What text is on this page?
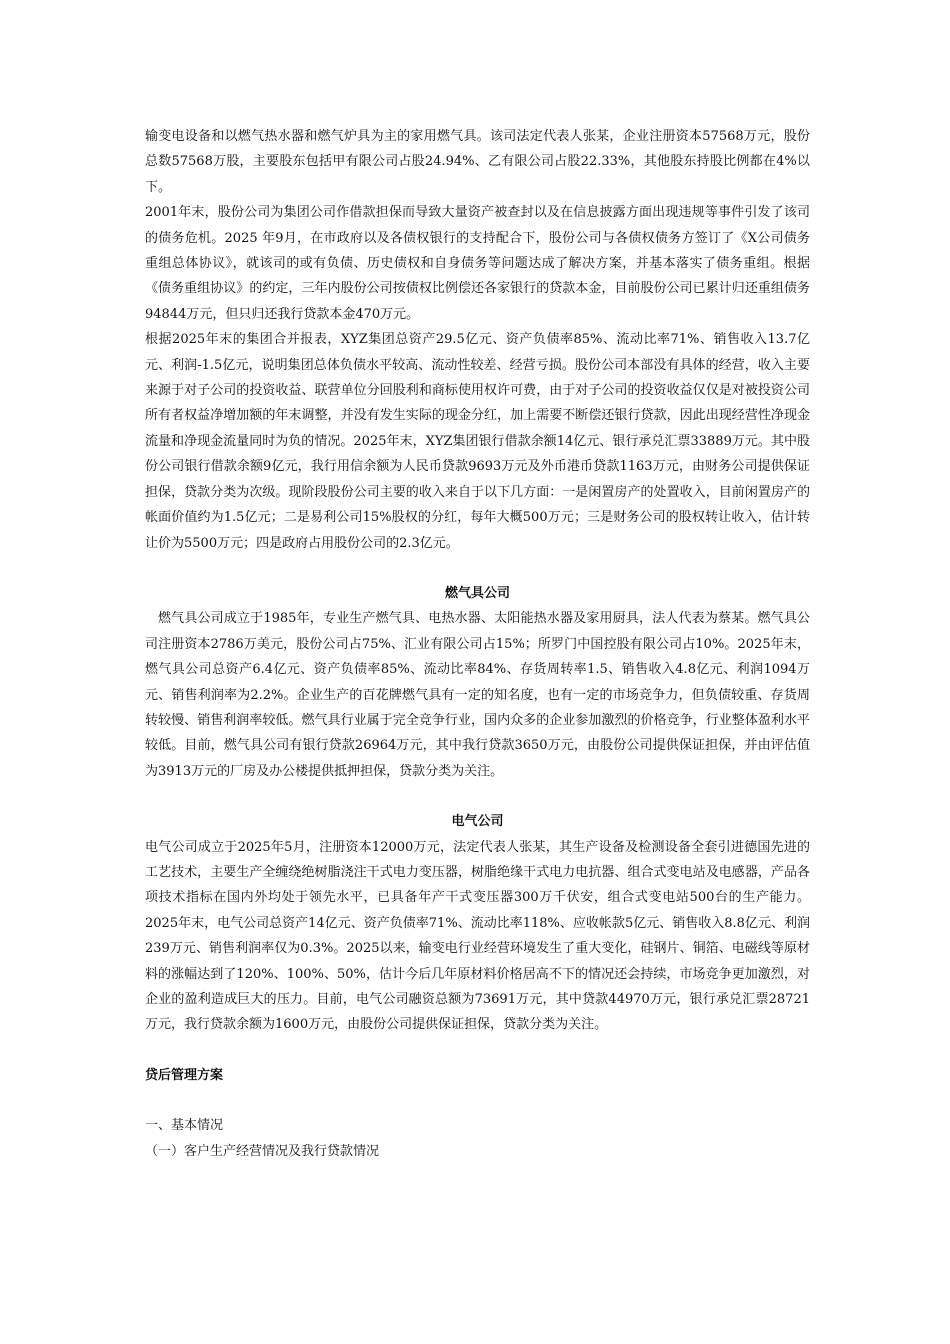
输变电设备和以燃气热水器和燃气炉具为主的家用燃气具。该司法定代表人张某，企业注册资本57568万元，股份总数57568万股，主要股东包括甲有限公司占股24.94%、乙有限公司占股22.33%，其他股东持股比例都在4%以下。

2001年末，股份公司为集团公司作借款担保而导致大量资产被查封以及在信息披露方面出现违规等事件引发了该司的债务危机。2025 年9月，在市政府以及各债权银行的支持配合下，股份公司与各债权债务方签订了《X公司债务重组总体协议》，就该司的或有负债、历史债权和自身债务等问题达成了解决方案，并基本落实了债务重组。根据《债务重组协议》的约定，三年内股份公司按债权比例偿还各家银行的贷款本金，目前股份公司已累计归还重组债务94844万元，但只归还我行贷款本金470万元。

根据2025年末的集团合并报表，XYZ集团总资产29.5亿元、资产负债率85%、流动比率71%、销售收入13.7亿元、利润-1.5亿元，说明集团总体负债水平较高、流动性较差、经营亏损。股份公司本部没有具体的经营，收入主要来源于对子公司的投资收益、联营单位分回股利和商标使用权许可费，由于对子公司的投资收益仅仅是对被投资公司所有者权益净增加额的年末调整，并没有发生实际的现金分红，加上需要不断偿还银行贷款，因此出现经营性净现金流量和净现金流量同时为负的情况。2025年末，XYZ集团银行借款余额14亿元、银行承兑汇票33889万元。其中股份公司银行借款余额9亿元，我行用信余额为人民币贷款9693万元及外币港币贷款1163万元，由财务公司提供保证担保，贷款分类为次级。现阶段股份公司主要的收入来自于以下几方面：一是闲置房产的处置收入，目前闲置房产的帐面价值约为1.5亿元；二是易利公司15%股权的分红，每年大概500万元；三是财务公司的股权转让收入，估计转让价为5500万元；四是政府占用股份公司的2.3亿元。

燃气具公司

燃气具公司成立于1985年，专业生产燃气具、电热水器、太阳能热水器及家用厨具，法人代表为蔡某。燃气具公司注册资本2786万美元，股份公司占75%、汇业有限公司占15%；所罗门中国控股有限公司占10%。2025年末，燃气具公司总资产6.4亿元、资产负债率85%、流动比率84%、存货周转率1.5、销售收入4.8亿元、利润1094万元、销售利润率为2.2%。企业生产的百花牌燃气具有一定的知名度，也有一定的市场竞争力，但负债较重、存货周转较慢、销售利润率较低。燃气具行业属于完全竞争行业，国内众多的企业参加激烈的价格竞争，行业整体盈利水平较低。目前，燃气具公司有银行贷款26964万元，其中我行贷款3650万元，由股份公司提供保证担保，并由评估值为3913万元的厂房及办公楼提供抵押担保，贷款分类为关注。

电气公司

电气公司成立于2025年5月，注册资本12000万元，法定代表人张某，其生产设备及检测设备全套引进德国先进的工艺技术，主要生产全缠绕绝树脂浇注干式电力变压器，树脂绝缘干式电力电抗器、组合式变电站及电感器，产品各项技术指标在国内外均处于领先水平，已具备年产干式变压器300万千伏安，组合式变电站500台的生产能力。2025年末，电气公司总资产14亿元、资产负债率71%、流动比率118%、应收帐款5亿元、销售收入8.8亿元、利润239万元、销售利润率仅为0.3%。2025以来，输变电行业经营环境发生了重大变化，硅钢片、铜箔、电磁线等原材料的涨幅达到了120%、100%、50%，估计今后几年原材料价格居高不下的情况还会持续，市场竞争更加激烈，对企业的盈利造成巨大的压力。目前，电气公司融资总额为73691万元，其中贷款44970万元，银行承兑汇票28721万元，我行贷款余额为1600万元，由股份公司提供保证担保，贷款分类为关注。

贷后管理方案

一、基本情况

（一）客户生产经营情况及我行贷款情况
